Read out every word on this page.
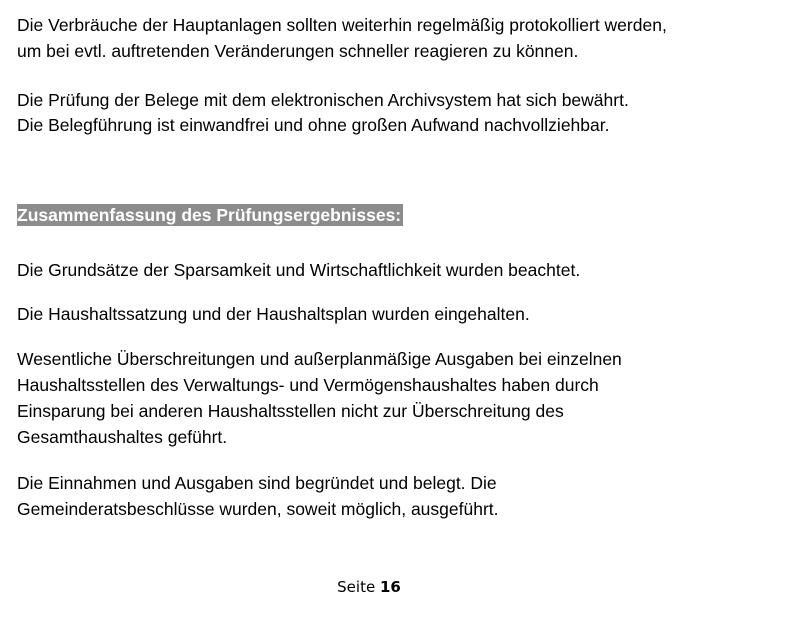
Die Verbräuche der Hauptanlagen sollten weiterhin regelmäßig protokolliert werden,
um bei evtl. auftretenden Veränderungen schneller reagieren zu können.

Die Prüfung der Belege mit dem elektronischen Archivsystem hat sich bewährt.
Die Belegführung ist einwandfrei und ohne großen Aufwand nachvollziehbar.

Zusammenfassung des Prüfungsergebnisses:

Die Grundsätze der Sparsamkeit und Wirtschaftlichkeit wurden beachtet.

Die Haushaltssatzung und der Haushaltsplan wurden eingehalten.

Wesentliche Überschreitungen und außerplanmäßige Ausgaben bei einzelnen
Haushaltsstellen des Verwaltungs- und Vermögenshaushaltes haben durch
Einsparung bei anderen Haushaltsstellen nicht zur Überschreitung des
Gesamthaushaltes geführt.

Die Einnahmen und Ausgaben sind begründet und belegt. Die
Gemeinderatsbeschlüsse wurden, soweit möglich, ausgeführt.

Seite 16
